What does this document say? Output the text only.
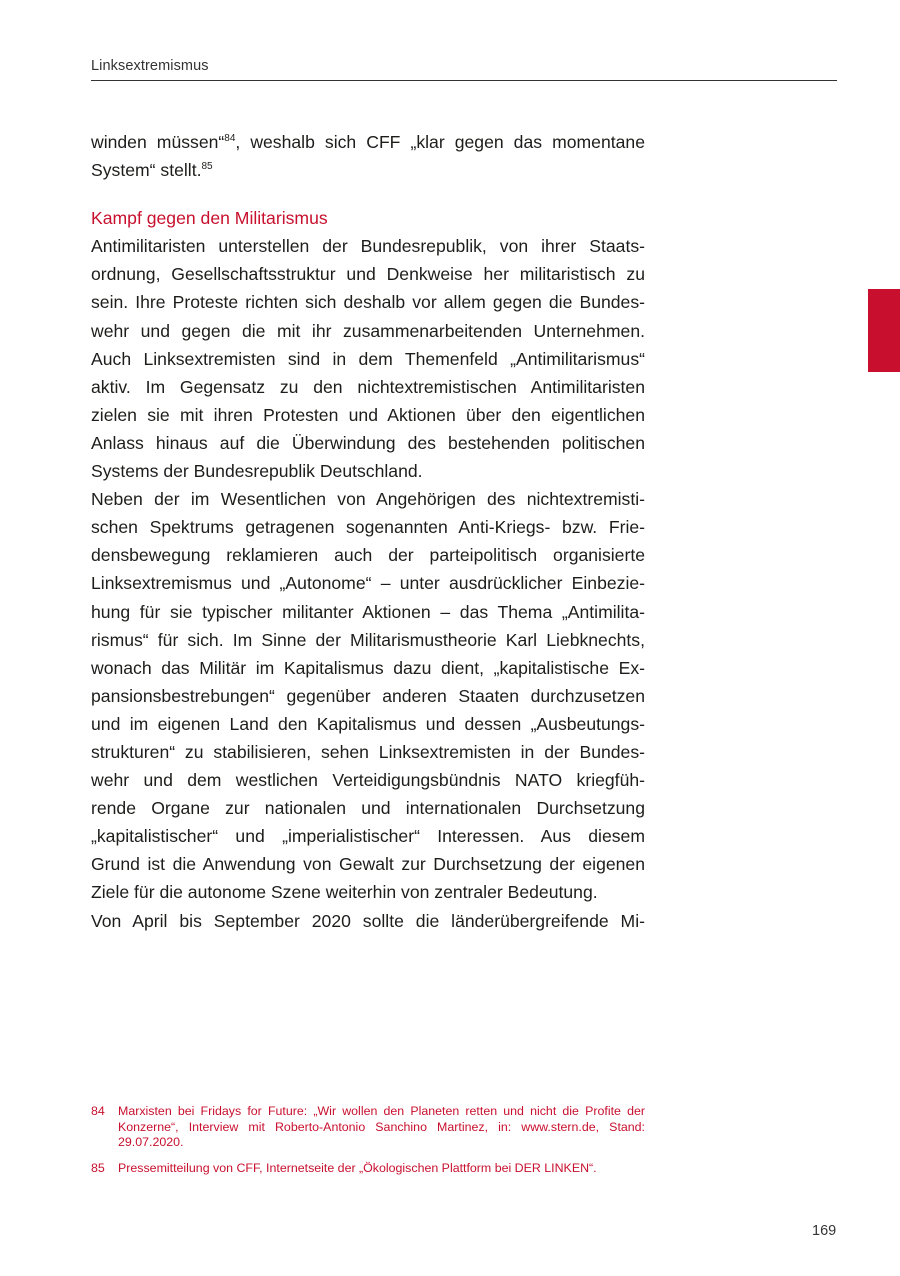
Linksextremismus

winden müssen“$^{84}$, weshalb sich CFF „klar gegen das momentane
System“ stellt.$^{85}$

Kampf gegen den Militarismus

Antimilitaristen unterstellen der Bundesrepublik, von ihrer Staats-
ordnung, Gesellschaftsstruktur und Denkweise her militaristisch zu
sein. Ihre Proteste richten sich deshalb vor allem gegen die Bundes-
wehr und gegen die mit ihr zusammenarbeitenden Unternehmen.
Auch Linksextremisten sind in dem Themenfeld „Antimilitarismus“
aktiv. Im Gegensatz zu den nichtextremistischen Antimilitaristen
zielen sie mit ihren Protesten und Aktionen über den eigentlichen
Anlass hinaus auf die Überwindung des bestehenden politischen
Systems der Bundesrepublik Deutschland.

Neben der im Wesentlichen von Angehörigen des nichtextremisti-
schen Spektrums getragenen sogenannten Anti-Kriegs- bzw. Frie-
densbewegung reklamieren auch der parteipolitisch organisierte
Linksextremismus und „Autonome“ – unter ausdrücklicher Einbezie-
hung für sie typischer militanter Aktionen – das Thema „Antimilita-
rismus“ für sich. Im Sinne der Militarismustheorie Karl Liebknechts,
wonach das Militär im Kapitalismus dazu dient, „kapitalistische Ex-
pansionsbestrebungen“ gegenüber anderen Staaten durchzusetzen
und im eigenen Land den Kapitalismus und dessen „Ausbeutungs-
strukturen“ zu stabilisieren, sehen Linksextremisten in der Bundes-
wehr und dem westlichen Verteidigungsbündnis NATO kriegfüh-
rende Organe zur nationalen und internationalen Durchsetzung
„kapitalistischer“ und „imperialistischer“ Interessen. Aus diesem
Grund ist die Anwendung von Gewalt zur Durchsetzung der eigenen
Ziele für die autonome Szene weiterhin von zentraler Bedeutung.

Von April bis September 2020 sollte die länderübergreifende Mi-

84	Marxisten bei Fridays for Future: „Wir wollen den Planeten retten und nicht die Profite der
Konzerne“, Interview mit Roberto-Antonio Sanchino Martinez, in: www.stern.de, Stand:
29.07.2020.
85	Pressemitteilung von CFF, Internetseite der „Ökologischen Plattform bei DER LINKEN“.
169
